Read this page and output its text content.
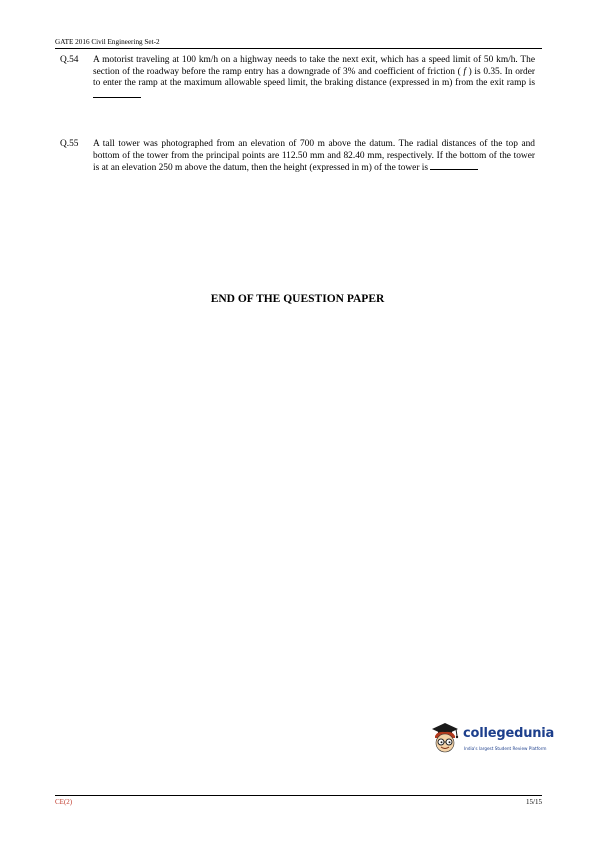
GATE 2016 Civil Engineering Set-2
Q.54	A motorist traveling at 100 km/h on a highway needs to take the next exit, which has a speed limit of 50 km/h. The section of the roadway before the ramp entry has a downgrade of 3% and coefficient of friction ( f ) is 0.35. In order to enter the ramp at the maximum allowable speed limit, the braking distance (expressed in m) from the exit ramp is
Q.55	A tall tower was photographed from an elevation of 700 m above the datum. The radial distances of the top and bottom of the tower from the principal points are 112.50 mm and 82.40 mm, respectively. If the bottom of the tower is at an elevation 250 m above the datum, then the height (expressed in m) of the tower is
END OF THE QUESTION PAPER
collegedunia
India's largest Student Review Platform
CE(2)	15/15
